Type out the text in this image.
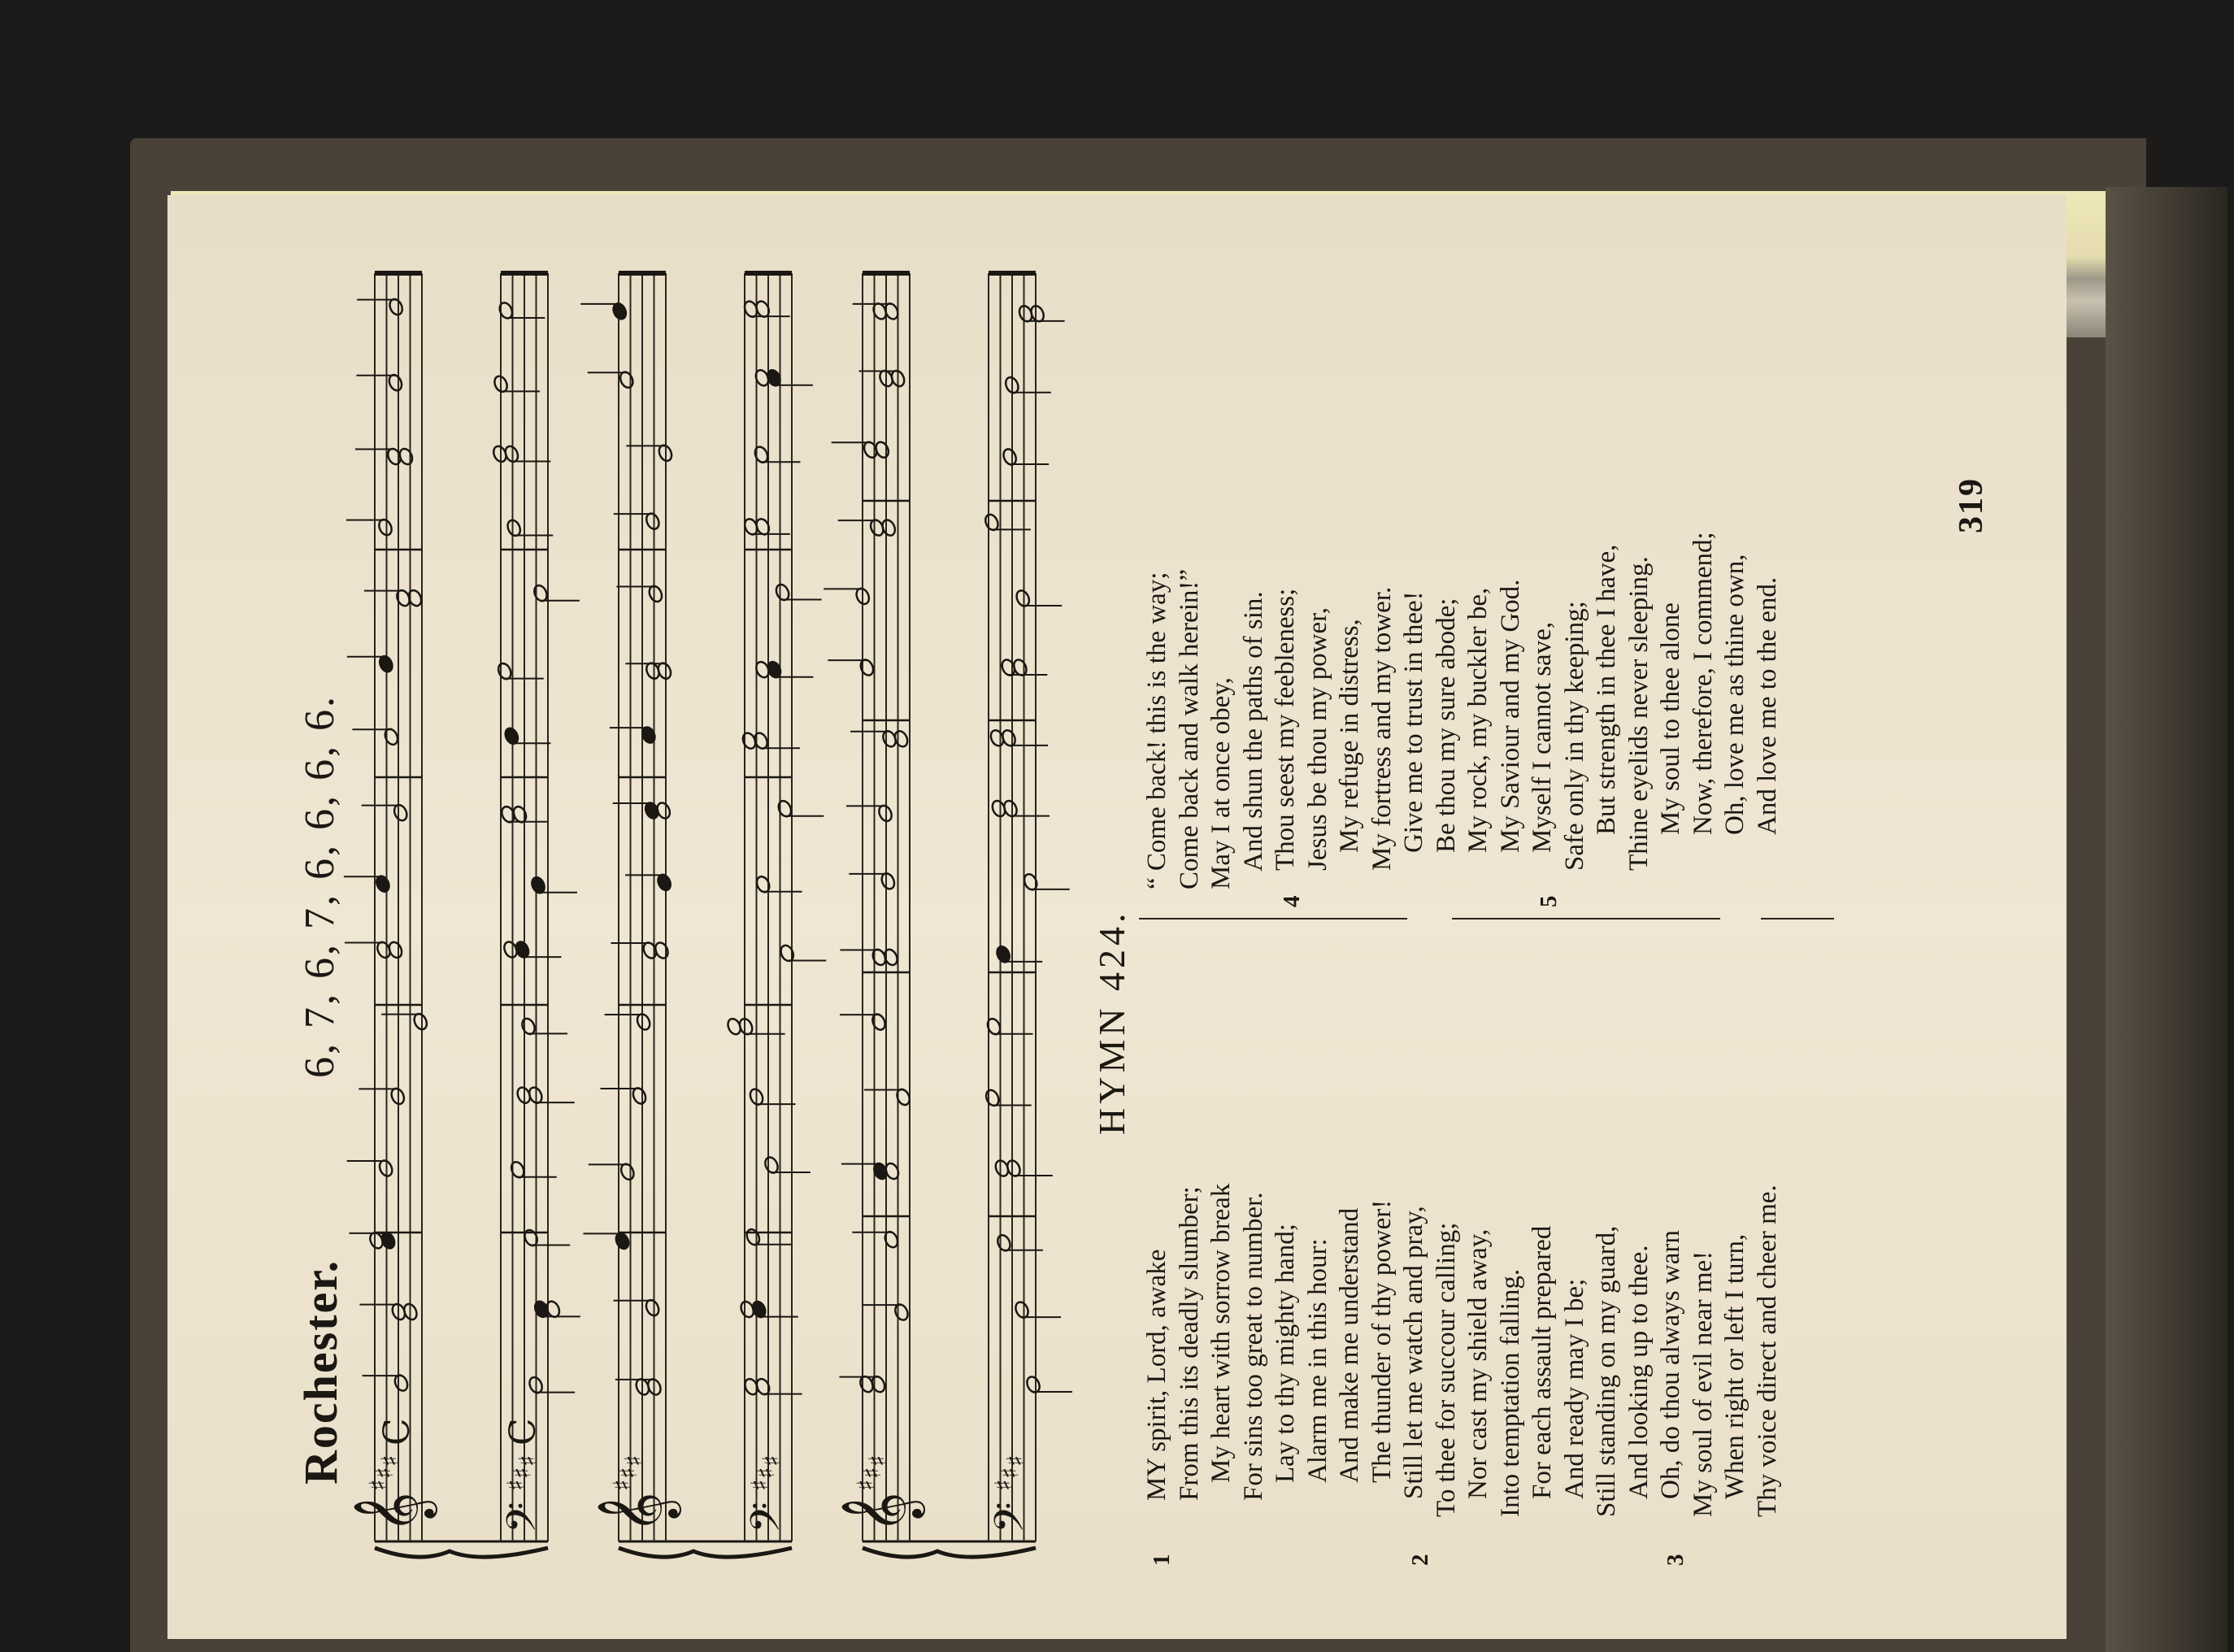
Rochester.
6, 7, 6, 7, 6, 6, 6, 6.
𝄞
♯
♯
♯
C
𝄢
♯
♯
♯
C
𝄞
♯
♯
♯
𝄢
♯
♯
♯
𝄞
♯
♯
♯
𝄢
♯
♯
♯
HYMN 424.
1
MY spirit, Lord, awake From this its deadly slumber; My heart with sorrow break For sins too great to number. Lay to thy mighty hand; Alarm me in this hour: And make me understand The thunder of thy power!
2
Still let me watch and pray, To thee for succour calling; Nor cast my shield away, Into temptation falling. For each assault prepared And ready may I be; Still standing on my guard, And looking up to thee.
3
Oh, do thou always warn My soul of evil near me! When right or left I turn, Thy voice direct and cheer me.
“ Come back! this is the way; Come back and walk herein!” May I at once obey, And shun the paths of sin.
4
Thou seest my feebleness; Jesus be thou my power, My refuge in distress, My fortress and my tower. Give me to trust in thee! Be thou my sure abode; My rock, my buckler be, My Saviour and my God.
5
Myself I cannot save, Safe only in thy keeping; But strength in thee I have, Thine eyelids never sleeping. My soul to thee alone Now, therefore, I commend; Oh, love me as thine own, And love me to the end.
319
